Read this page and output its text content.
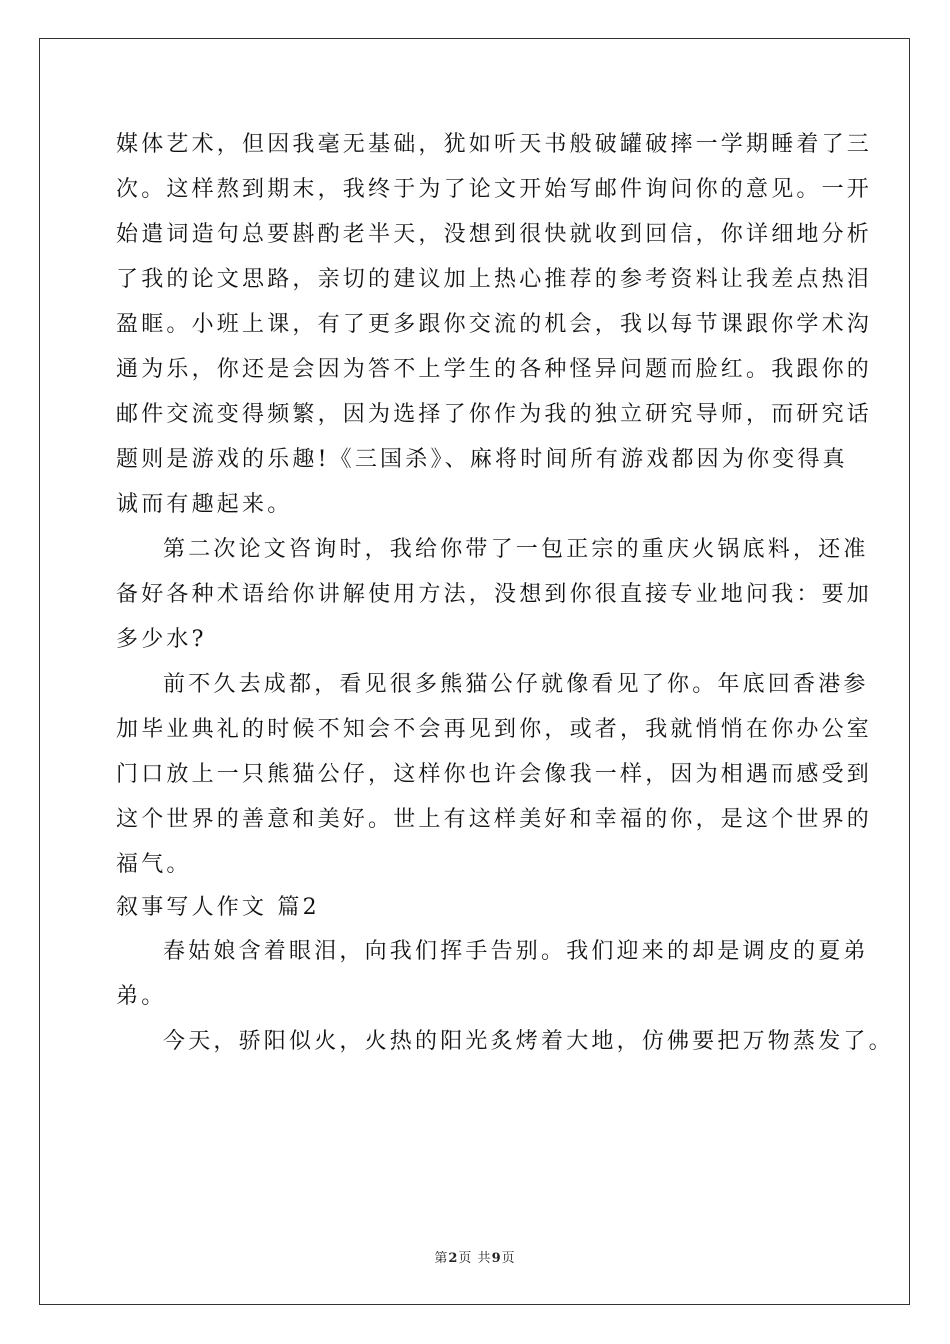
媒体艺术，但因我毫无基础，犹如听天书般破罐破摔一学期睡着了三
次。这样熬到期末，我终于为了论文开始写邮件询问你的意见。一开
始遣词造句总要斟酌老半天，没想到很快就收到回信，你详细地分析
了我的论文思路，亲切的建议加上热心推荐的参考资料让我差点热泪
盈眶。小班上课，有了更多跟你交流的机会，我以每节课跟你学术沟
通为乐，你还是会因为答不上学生的各种怪异问题而脸红。我跟你的
邮件交流变得频繁，因为选择了你作为我的独立研究导师，而研究话
题则是游戏的乐趣!《三国杀》、麻将时间所有游戏都因为你变得真
诚而有趣起来。
第二次论文咨询时，我给你带了一包正宗的重庆火锅底料，还准
备好各种术语给你讲解使用方法，没想到你很直接专业地问我：要加
多少水?
前不久去成都，看见很多熊猫公仔就像看见了你。年底回香港参
加毕业典礼的时候不知会不会再见到你，或者，我就悄悄在你办公室
门口放上一只熊猫公仔，这样你也许会像我一样，因为相遇而感受到
这个世界的善意和美好。世上有这样美好和幸福的你，是这个世界的
福气。
叙事写人作文 篇2
春姑娘含着眼泪，向我们挥手告别。我们迎来的却是调皮的夏弟
弟。
今天，骄阳似火，火热的阳光炙烤着大地，仿佛要把万物蒸发了。
第2页 共9页
